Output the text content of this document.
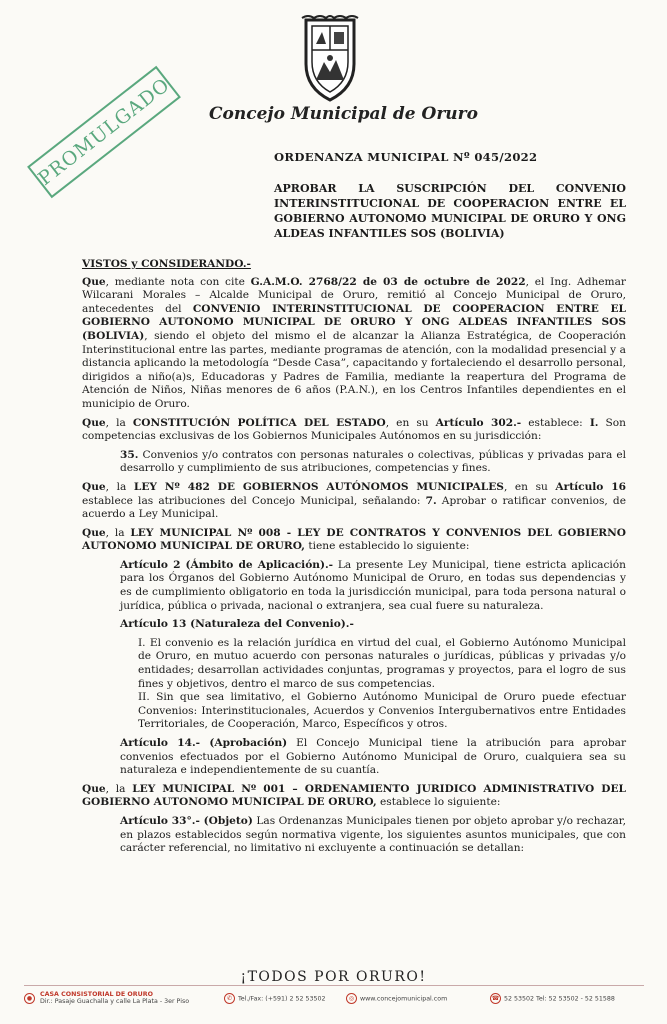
Concejo Municipal de Oruro
PROMULGADO	ORDENANZA MUNICIPAL Nº 045/2022
APROBAR LA SUSCRIPCIÓN DEL CONVENIO INTERINSTITUCIONAL DE COOPERACION ENTRE EL GOBIERNO AUTONOMO MUNICIPAL DE ORURO Y ONG ALDEAS INFANTILES SOS (BOLIVIA)

VISTOS y CONSIDERANDO.-

Que, mediante nota con cite G.A.M.O. 2768/22 de 03 de octubre de 2022, el Ing. Adhemar Wilcarani Morales – Alcalde Municipal de Oruro, remitió al Concejo Municipal de Oruro, antecedentes del CONVENIO INTERINSTITUCIONAL DE COOPERACION ENTRE EL GOBIERNO AUTONOMO MUNICIPAL DE ORURO Y ONG ALDEAS INFANTILES SOS (BOLIVIA), siendo el objeto del mismo el de alcanzar la Alianza Estratégica, de Cooperación Interinstitucional entre las partes, mediante programas de atención, con la modalidad presencial y a distancia aplicando la metodología “Desde Casa”, capacitando y fortaleciendo el desarrollo personal, dirigidos a niño(a)s, Educadoras y Padres de Familia, mediante la reapertura del Programa de Atención de Niños, Niñas menores de 6 años (P.A.N.), en los Centros Infantiles dependientes en el municipio de Oruro.

Que, la CONSTITUCIÓN POLÍTICA DEL ESTADO, en su Artículo 302.- establece: I. Son competencias exclusivas de los Gobiernos Municipales Autónomos en su jurisdicción:

35. Convenios y/o contratos con personas naturales o colectivas, públicas y privadas para el desarrollo y cumplimiento de sus atribuciones, competencias y fines.

Que, la LEY Nº 482 DE GOBIERNOS AUTÓNOMOS MUNICIPALES, en su Artículo 16 establece las atribuciones del Concejo Municipal, señalando: 7. Aprobar o ratificar convenios, de acuerdo a Ley Municipal.

Que, la LEY MUNICIPAL Nº 008 - LEY DE CONTRATOS Y CONVENIOS DEL GOBIERNO AUTONOMO MUNICIPAL DE ORURO, tiene establecido lo siguiente:

Artículo 2 (Ámbito de Aplicación).- La presente Ley Municipal, tiene estricta aplicación para los Órganos del Gobierno Autónomo Municipal de Oruro, en todas sus dependencias y es de cumplimiento obligatorio en toda la jurisdicción municipal, para toda persona natural o jurídica, pública o privada, nacional o extranjera, sea cual fuere su naturaleza.

Artículo 13 (Naturaleza del Convenio).-

I. El convenio es la relación jurídica en virtud del cual, el Gobierno Autónomo Municipal de Oruro, en mutuo acuerdo con personas naturales o jurídicas, públicas y privadas y/o entidades; desarrollan actividades conjuntas, programas y proyectos, para el logro de sus fines y objetivos, dentro el marco de sus competencias.

II. Sin que sea limitativo, el Gobierno Autónomo Municipal de Oruro puede efectuar Convenios: Interinstitucionales, Acuerdos y Convenios Intergubernativos entre Entidades Territoriales, de Cooperación, Marco, Específicos y otros.

Artículo 14.- (Aprobación) El Concejo Municipal tiene la atribución para aprobar convenios efectuados por el Gobierno Autónomo Municipal de Oruro, cualquiera sea su naturaleza e independientemente de su cuantía.

Que, la LEY MUNICIPAL Nº 001 – ORDENAMIENTO JURIDICO ADMINISTRATIVO DEL GOBIERNO AUTONOMO MUNICIPAL DE ORURO, establece lo siguiente:

Artículo 33°.- (Objeto) Las Ordenanzas Municipales tienen por objeto aprobar y/o rechazar, en plazos establecidos según normativa vigente, los siguientes asuntos municipales, que con carácter referencial, no limitativo ni excluyente a continuación se detallan:

¡TODOS POR ORURO!
● CASA CONSISTORIAL DE ORURO
Dir.: Pasaje Guachalla y calle La Plata - 3er Piso	✆ Tel./Fax: (+591) 2 52 53502	◎ www.concejomunicipal.com	☎ 52 53502 Tel: 52 53502 - 52 51588
